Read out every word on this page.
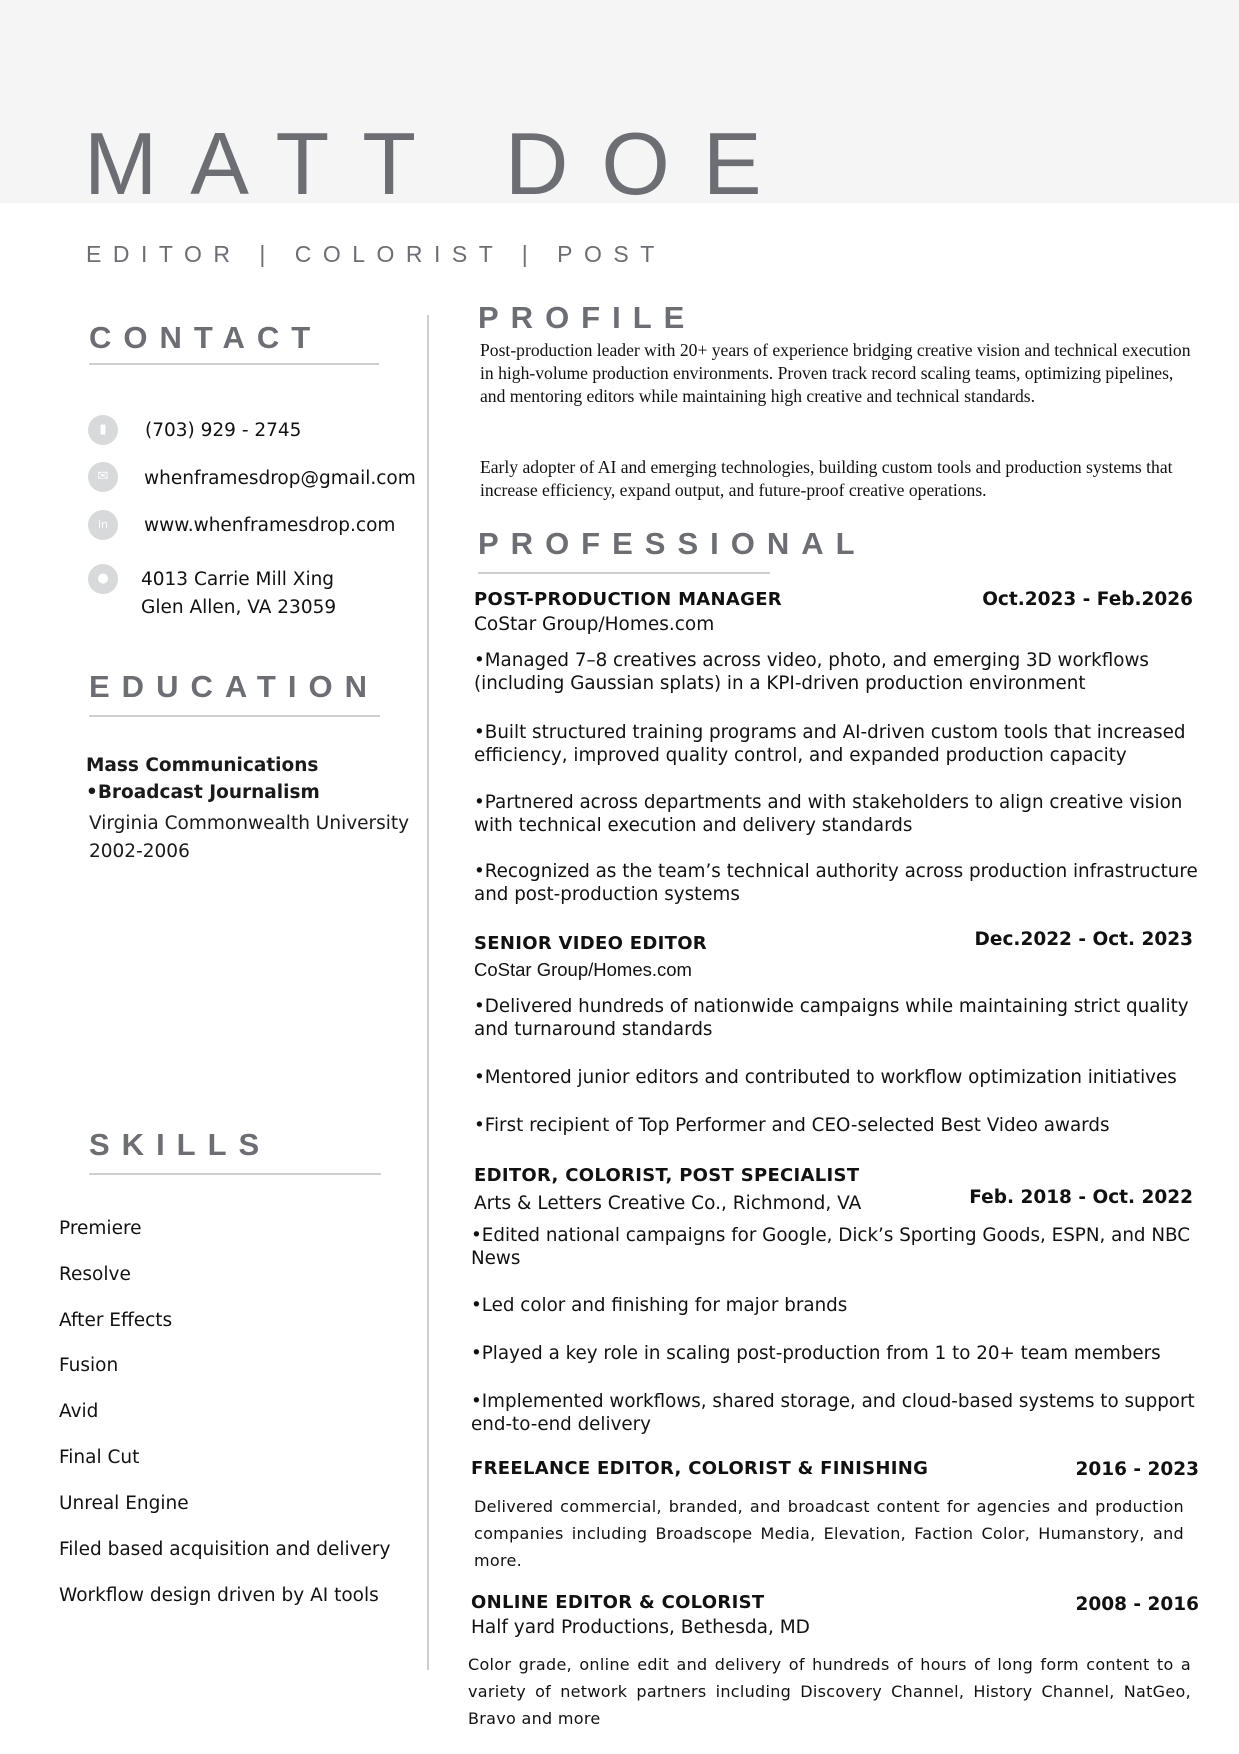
MATT DOE
EDITOR | COLORIST | POST
CONTACT
▮	(703) 929 - 2745
✉	whenframesdrop@gmail.com
in	www.whenframesdrop.com
●	4013 Carrie Mill Xing
Glen Allen, VA 23059
EDUCATION
Mass Communications
•Broadcast Journalism
Virginia Commonwealth University
2002-2006
SKILLS
Premiere
Resolve
After Effects
Fusion
Avid
Final Cut
Unreal Engine
Filed based acquisition and delivery
Workflow design driven by AI tools
PROFILE

Post-production leader with 20+ years of experience bridging creative vision and technical execution in high-volume production environments. Proven track record scaling teams, optimizing pipelines, and mentoring editors while maintaining high creative and technical standards.

Early adopter of AI and emerging technologies, building custom tools and production systems that increase efficiency, expand output, and future-proof creative operations.

PROFESSIONAL
POST-PRODUCTION MANAGER	Oct.2023 - Feb.2026
CoStar Group/Homes.com

•Managed 7–8 creatives across video, photo, and emerging 3D workflows (including Gaussian splats) in a KPI-driven production environment

•Built structured training programs and AI-driven custom tools that increased efficiency, improved quality control, and expanded production capacity

•Partnered across departments and with stakeholders to align creative vision with technical execution and delivery standards

•Recognized as the team’s technical authority across production infrastructure and post-production systems

SENIOR VIDEO EDITOR	Dec.2022 - Oct. 2023
CoStar Group/Homes.com

•Delivered hundreds of nationwide campaigns while maintaining strict quality and turnaround standards

•Mentored junior editors and contributed to workflow optimization initiatives

•First recipient of Top Performer and CEO-selected Best Video awards

EDITOR, COLORIST, POST SPECIALIST
Feb. 2018 - Oct. 2022
Arts & Letters Creative Co., Richmond, VA

•Edited national campaigns for Google, Dick’s Sporting Goods, ESPN, and NBC News

•Led color and finishing for major brands

•Played a key role in scaling post-production from 1 to 20+ team members

•Implemented workflows, shared storage, and cloud-based systems to support end-to-end delivery

FREELANCE EDITOR, COLORIST & FINISHING	2016 - 2023

Delivered commercial, branded, and broadcast content for agencies and production companies including Broadscope Media, Elevation, Faction Color, Humanstory, and more.

ONLINE EDITOR & COLORIST	2008 - 2016
Half yard Productions, Bethesda, MD

Color grade, online edit and delivery of hundreds of hours of long form content to a variety of network partners including Discovery Channel, History Channel, NatGeo, Bravo and more
